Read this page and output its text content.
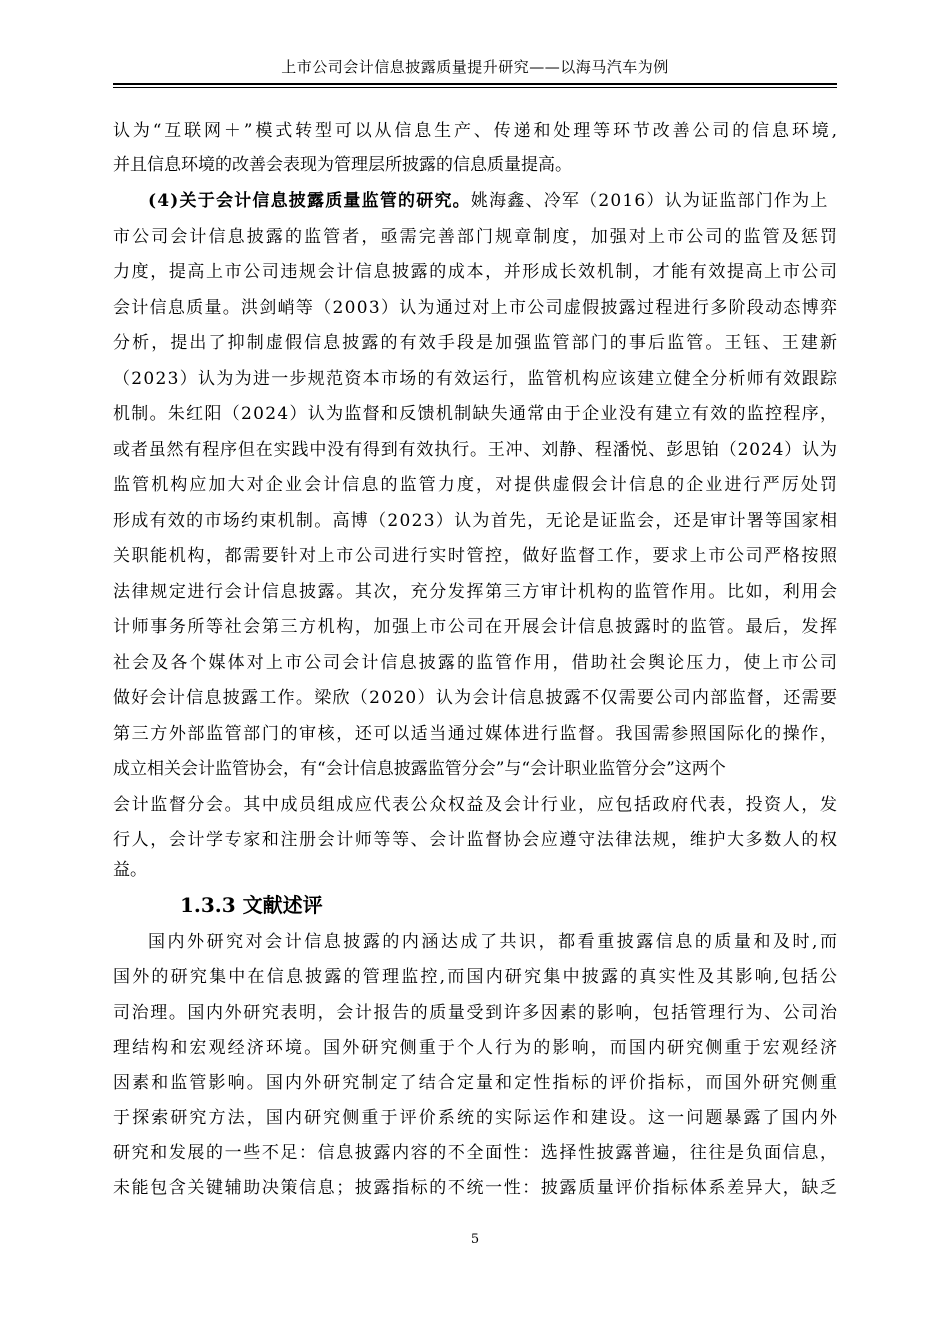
上市公司会计信息披露质量提升研究——以海马汽车为例
认为“互联网＋”模式转型可以从信息生产、传递和处理等环节改善公司的信息环境,
并且信息环境的改善会表现为管理层所披露的信息质量提高。
(4)关于会计信息披露质量监管的研究。姚海鑫、冷军（2016）认为证监部门作为上
市公司会计信息披露的监管者，亟需完善部门规章制度，加强对上市公司的监管及惩罚
力度，提高上市公司违规会计信息披露的成本，并形成长效机制，才能有效提高上市公司
会计信息质量。洪剑峭等（2003）认为通过对上市公司虚假披露过程进行多阶段动态博弈
分析，提出了抑制虚假信息披露的有效手段是加强监管部门的事后监管。王钰、王建新
（2023）认为为进一步规范资本市场的有效运行，监管机构应该建立健全分析师有效跟踪
机制。朱红阳（2024）认为监督和反馈机制缺失通常由于企业没有建立有效的监控程序，
或者虽然有程序但在实践中没有得到有效执行。王冲、刘静、程潘悦、彭思铂（2024）认为
监管机构应加大对企业会计信息的监管力度，对提供虚假会计信息的企业进行严厉处罚
形成有效的市场约束机制。高博（2023）认为首先，无论是证监会，还是审计署等国家相
关职能机构，都需要针对上市公司进行实时管控，做好监督工作，要求上市公司严格按照
法律规定进行会计信息披露。其次，充分发挥第三方审计机构的监管作用。比如，利用会
计师事务所等社会第三方机构，加强上市公司在开展会计信息披露时的监管。最后，发挥
社会及各个媒体对上市公司会计信息披露的监管作用，借助社会舆论压力，使上市公司
做好会计信息披露工作。梁欣（2020）认为会计信息披露不仅需要公司内部监督，还需要
第三方外部监管部门的审核，还可以适当通过媒体进行监督。我国需参照国际化的操作，
成立相关会计监管协会，有“会计信息披露监管分会”与“会计职业监管分会”这两个
会计监督分会。其中成员组成应代表公众权益及会计行业，应包括政府代表，投资人，发
行人，会计学专家和注册会计师等等、会计监督协会应遵守法律法规，维护大多数人的权
益。
1.3.3 文献述评
国内外研究对会计信息披露的内涵达成了共识，都看重披露信息的质量和及时,而
国外的研究集中在信息披露的管理监控,而国内研究集中披露的真实性及其影响,包括公
司治理。国内外研究表明，会计报告的质量受到许多因素的影响，包括管理行为、公司治
理结构和宏观经济环境。国外研究侧重于个人行为的影响，而国内研究侧重于宏观经济
因素和监管影响。国内外研究制定了结合定量和定性指标的评价指标，而国外研究侧重
于探索研究方法，国内研究侧重于评价系统的实际运作和建设。这一问题暴露了国内外
研究和发展的一些不足：信息披露内容的不全面性：选择性披露普遍，往往是负面信息，
未能包含关键辅助决策信息；披露指标的不统一性：披露质量评价指标体系差异大，缺乏
5
